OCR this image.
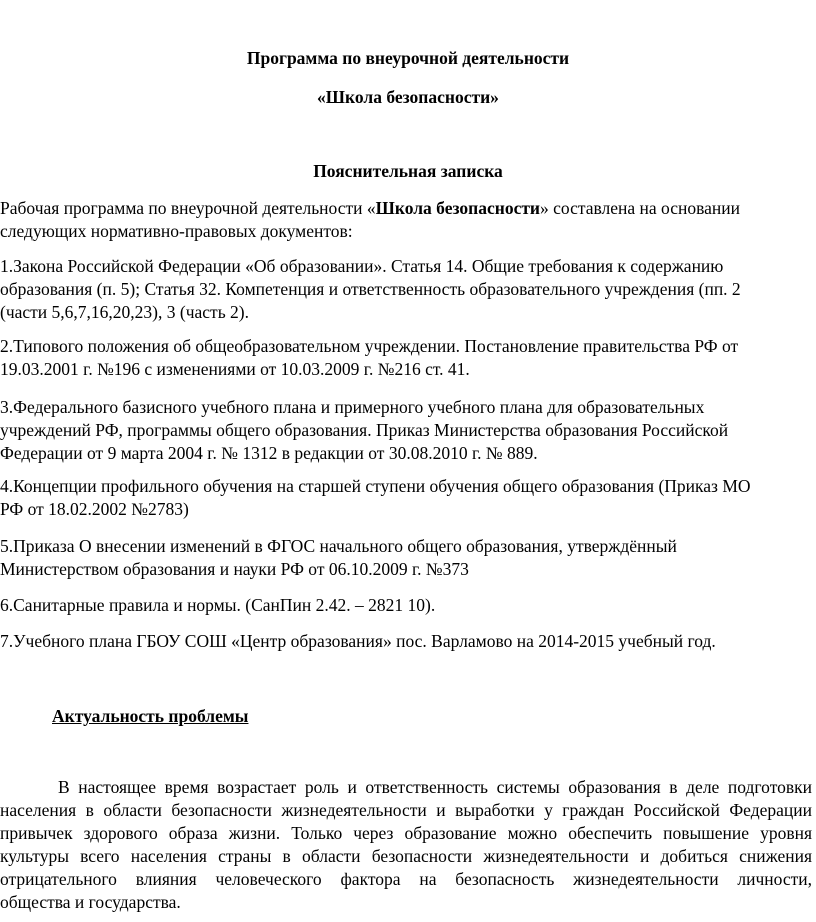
Программа по внеурочной деятельности
«Школа безопасности»
Пояснительная записка
Рабочая программа по внеурочной деятельности «Школа безопасности» составлена на основании
следующих нормативно-правовых документов:
1.Закона Российской Федерации «Об образовании». Статья 14. Общие требования к содержанию
образования (п. 5); Статья 32. Компетенция и ответственность образовательного учреждения (пп. 2
(части 5,6,7,16,20,23), 3 (часть 2).
2.Типового положения об общеобразовательном учреждении. Постановление правительства РФ от
19.03.2001 г. №196 с изменениями от 10.03.2009 г. №216 ст. 41.
3.Федерального базисного учебного плана и примерного учебного плана для образовательных
учреждений РФ, программы общего образования. Приказ Министерства образования Российской
Федерации от 9 марта 2004 г. № 1312 в редакции от 30.08.2010 г. № 889.
4.Концепции профильного обучения на старшей ступени обучения общего образования (Приказ МО
РФ от 18.02.2002 №2783)
5.Приказа О внесении изменений в ФГОС начального общего образования, утверждённый
Министерством образования и науки РФ от 06.10.2009 г. №373
6.Санитарные правила и нормы. (СанПин 2.42. – 2821 10).
7.Учебного плана ГБОУ СОШ «Центр образования» пос. Варламово на 2014-2015 учебный год.
Актуальность проблемы
В настоящее время возрастает роль и ответственность системы образования в деле подготовки
населения в области безопасности жизнедеятельности и выработки у граждан Российской Федерации
привычек здорового образа жизни. Только через образование можно обеспечить повышение уровня
культуры всего населения страны в области безопасности жизнедеятельности и добиться снижения
отрицательного влияния человеческого фактора на безопасность жизнедеятельности личности,
общества и государства.
